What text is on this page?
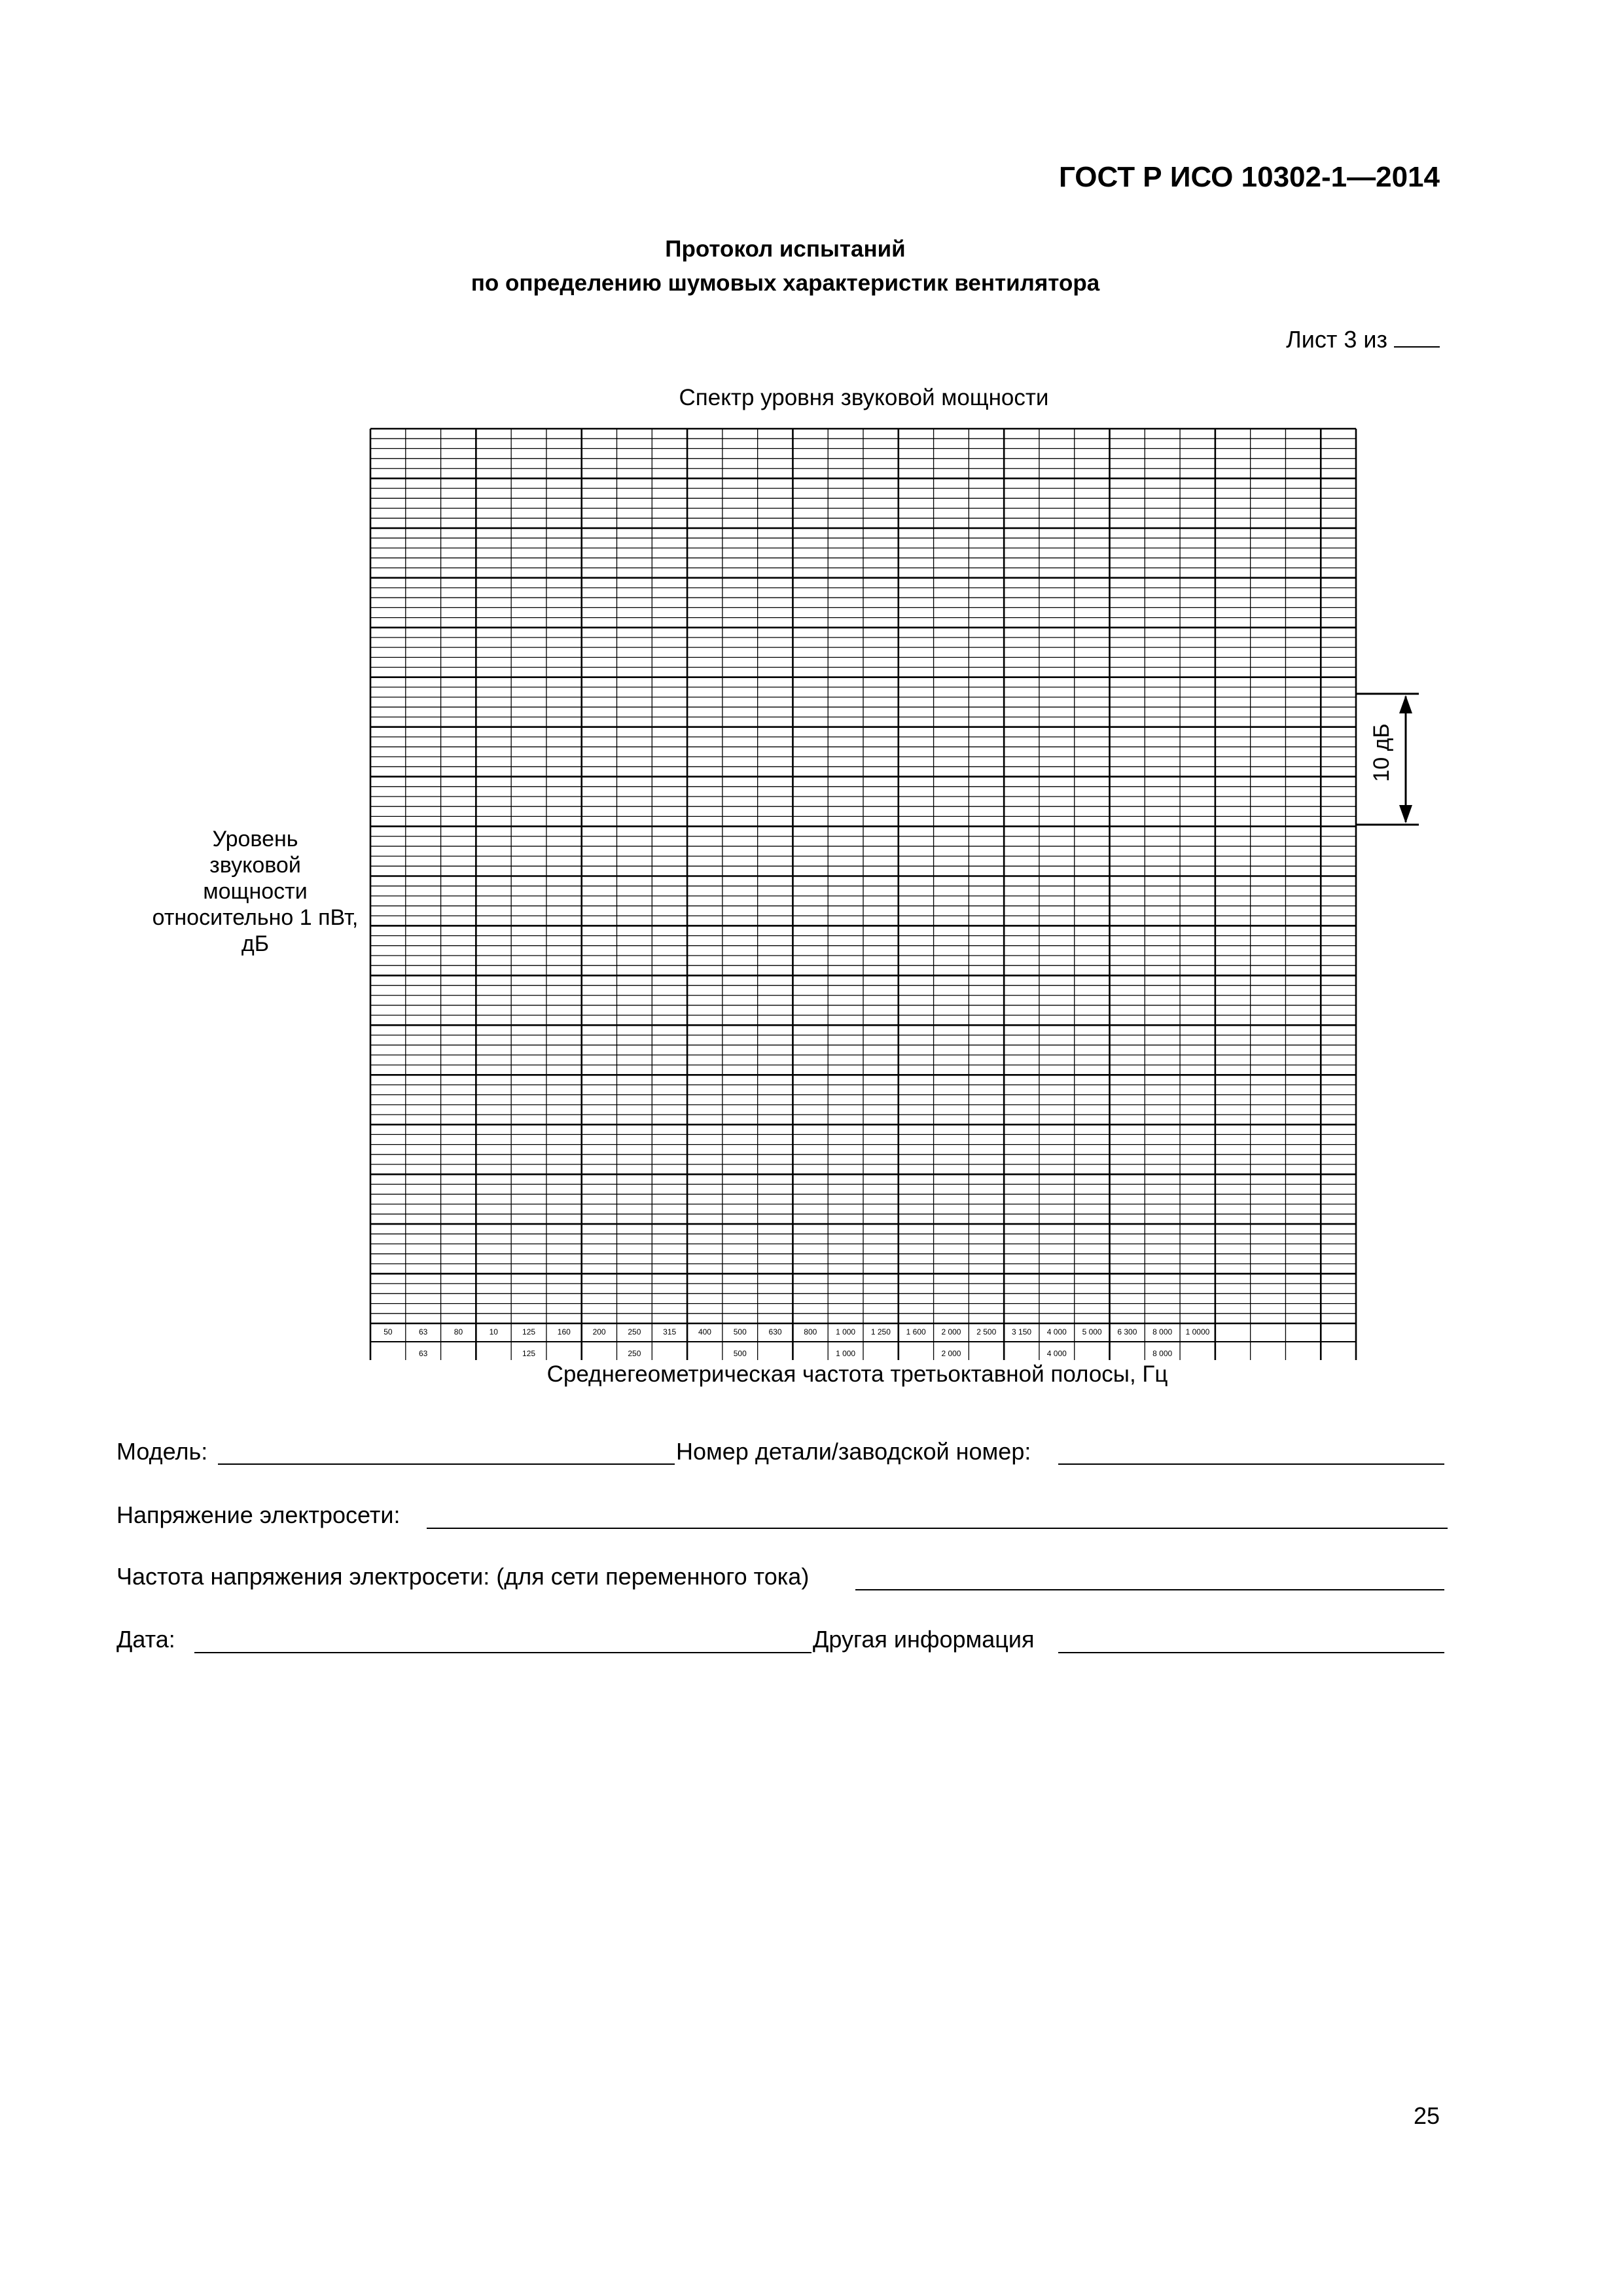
ГОСТ Р ИСО 10302-1—2014
Протокол испытаний
по определению шумовых характеристик вентилятора
Лист 3 из
Спектр уровня звуковой мощности
Уровень
звуковой
мощности
относительно 1 пВт,
дБ
50	63	80	10	125	160	200	250	315	400	500	630	800 1 000 1 250 1 600 2 000 2 500 3 150 4 000 5 000 6 300 8 000 1 0000
63	125	250	500	1 000	2 000	4 000	8 000
10 дБ
Среднегеометрическая частота третьоктавной полосы, Гц
Модель:	Номер детали/заводской номер:
Напряжение электросети:
Частота напряжения электросети: (для сети переменного тока)
Дата:	Другая информация
25
